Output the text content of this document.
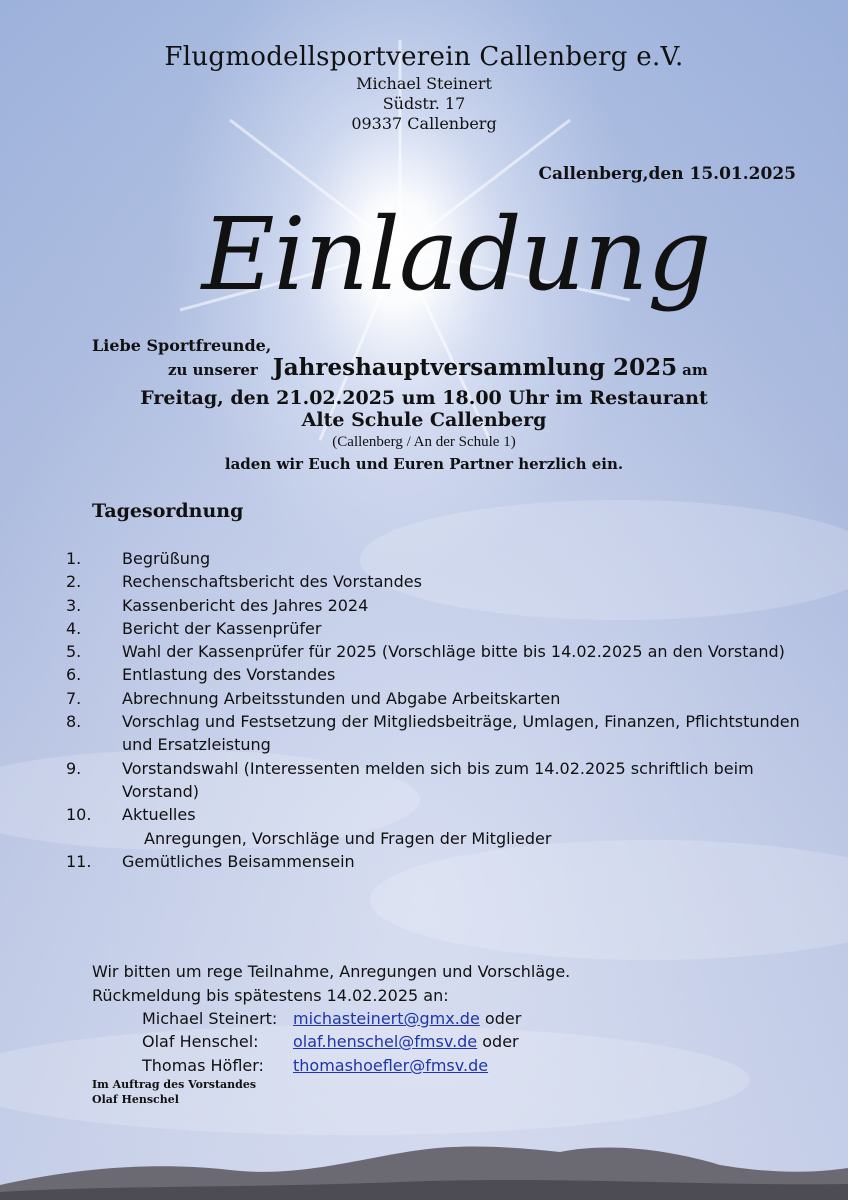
Flugmodellsportverein Callenberg e.V.
Michael Steinert
Südstr. 17
09337 Callenberg
Callenberg,den 15.01.2025
Einladung
Liebe Sportfreunde,
zu unserer Jahreshauptversammlung 2025 am
Freitag, den 21.02.2025 um 18.00 Uhr im Restaurant
Alte Schule Callenberg
(Callenberg / An der Schule 1)
laden wir Euch und Euren Partner herzlich ein.
Tagesordnung
1.	Begrüßung
2.	Rechenschaftsbericht des Vorstandes
3.	Kassenbericht des Jahres 2024
4.	Bericht der Kassenprüfer
5.	Wahl der Kassenprüfer für 2025 (Vorschläge bitte bis 14.02.2025 an den Vorstand)
6.	Entlastung des Vorstandes
7.	Abrechnung Arbeitsstunden und Abgabe Arbeitskarten
8.	Vorschlag und Festsetzung der Mitgliedsbeiträge, Umlagen, Finanzen, Pflichtstunden und Ersatzleistung
9.	Vorstandswahl (Interessenten melden sich bis zum 14.02.2025 schriftlich beim Vorstand)
10. Aktuelles
Anregungen, Vorschläge und Fragen der Mitglieder
11. Gemütliches Beisammensein
Wir bitten um rege Teilnahme, Anregungen und Vorschläge.
Rückmeldung bis spätestens 14.02.2025 an:
Michael Steinert: michasteinert@gmx.de oder
Olaf Henschel: olaf.henschel@fmsv.de oder
Thomas Höfler: thomashoefler@fmsv.de
Im Auftrag des Vorstandes
Olaf Henschel
